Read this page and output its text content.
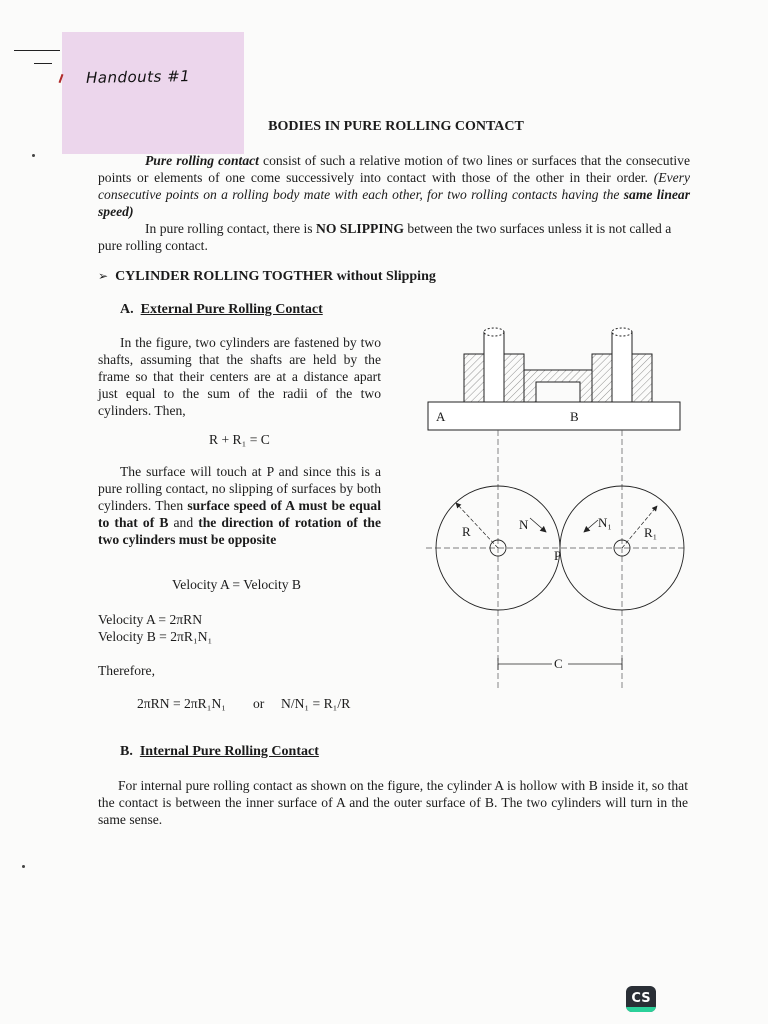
Handouts #1
BODIES IN PURE ROLLING CONTACT

Pure rolling contact consist of such a relative motion of two lines or surfaces that the consecutive points or elements of one come successively into contact with those of the other in their order. (Every consecutive points on a rolling body mate with each other, for two rolling contacts having the same linear speed)

In pure rolling contact, there is NO SLIPPING between the two surfaces unless it is not called a pure rolling contact.

➢ CYLINDER ROLLING TOGTHER without Slipping
A. External Pure Rolling Contact

In the figure, two cylinders are fastened by two shafts, assuming that the shafts are held by the frame so that their centers are at a distance apart just equal to the sum of the radii of the two cylinders. Then,

R + R₁ = C

The surface will touch at P and since this is a pure rolling contact, no slipping of surfaces by both cylinders. Then surface speed of A must be equal to that of B and the direction of rotation of the two cylinders must be opposite

Velocity A = Velocity B
Velocity A = 2πRN
Velocity B = 2πR₁N₁
Therefore,
2πRN = 2πR₁N₁ or N/N₁ = R₁/R
A	B
R	N	N₁
R₁
P
C
B. Internal Pure Rolling Contact

For internal pure rolling contact as shown on the figure, the cylinder A is hollow with B inside it, so that the contact is between the inner surface of A and the outer surface of B. The two cylinders will turn in the same sense.

CS
